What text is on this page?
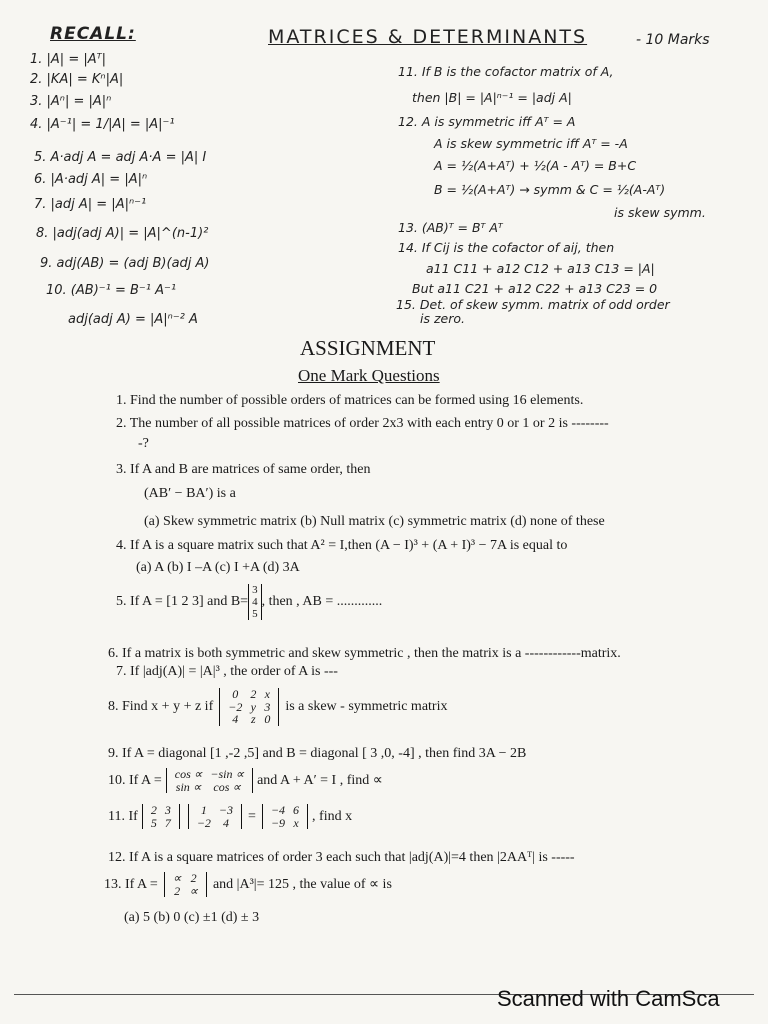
RECALL:	MATRICES & DETERMINANTS	- 10 Marks
1. |A| = |Aᵀ|
2. |KA| = Kⁿ|A|
3. |Aⁿ| = |A|ⁿ
4. |A⁻¹| = 1/|A| = |A|⁻¹
5. A·adj A = adj A·A = |A| I
6. |A·adj A| = |A|ⁿ
7. |adj A| = |A|ⁿ⁻¹
8. |adj(adj A)| = |A|^(n-1)²
9. adj(AB) = (adj B)(adj A)
10. (AB)⁻¹ = B⁻¹ A⁻¹
adj(adj A) = |A|ⁿ⁻² A
11. If B is the cofactor matrix of A,
then |B| = |A|ⁿ⁻¹ = |adj A|
12. A is symmetric iff Aᵀ = A
A is skew symmetric iff Aᵀ = -A
A = ½(A+Aᵀ) + ½(A - Aᵀ) = B+C
B = ½(A+Aᵀ) → symm & C = ½(A-Aᵀ)
is skew symm.
13. (AB)ᵀ = Bᵀ Aᵀ
14. If Cij is the cofactor of aij, then
a11 C11 + a12 C12 + a13 C13 = |A|
But a11 C21 + a12 C22 + a13 C23 = 0
15. Det. of skew symm. matrix of odd order
is zero.
ASSIGNMENT
One Mark Questions
1. Find the number of possible orders of matrices can be formed using 16 elements.
2. The number of all possible matrices of order 2x3 with each entry 0 or 1 or 2 is --------
-?
3. If A and B are matrices of same order, then
(AB′ − BA′) is a
(a) Skew symmetric matrix (b) Null matrix (c) symmetric matrix (d) none of these
4. If A is a square matrix such that A² = I,then (A − I)³ + (A + I)³ − 7A is equal to
(a) A (b) I –A (c) I +A (d) 3A
5. If A = [1 2 3] and B=
3
4
5
, then , AB = .............
6. If a matrix is both symmetric and skew symmetric , then the matrix is a ------------matrix.
7. If |adj(A)| = |A|³ , the order of A is ---
8. Find x + y + z if
0	2	x
−2	y	3
4	z	0
is a skew - symmetric matrix
9. If A = diagonal [1 ,-2 ,5] and B = diagonal [ 3 ,0, -4] , then find 3A − 2B
10. If A = cos ∝	−sin ∝
sin ∝	cos ∝ and A + A′ = I , find ∝
11. If 2	3
5	7
1	−3
−2	4 = −4	6
−9	x , find x
12. If A is a square matrices of order 3 each such that |adj(A)|=4 then |2AAᵀ| is -----
13. If A = ∝	2
2	∝ and |A³|= 125 , the value of ∝ is
(a) 5 (b) 0 (c) ±1 (d) ± 3
Scanned with CamSca
